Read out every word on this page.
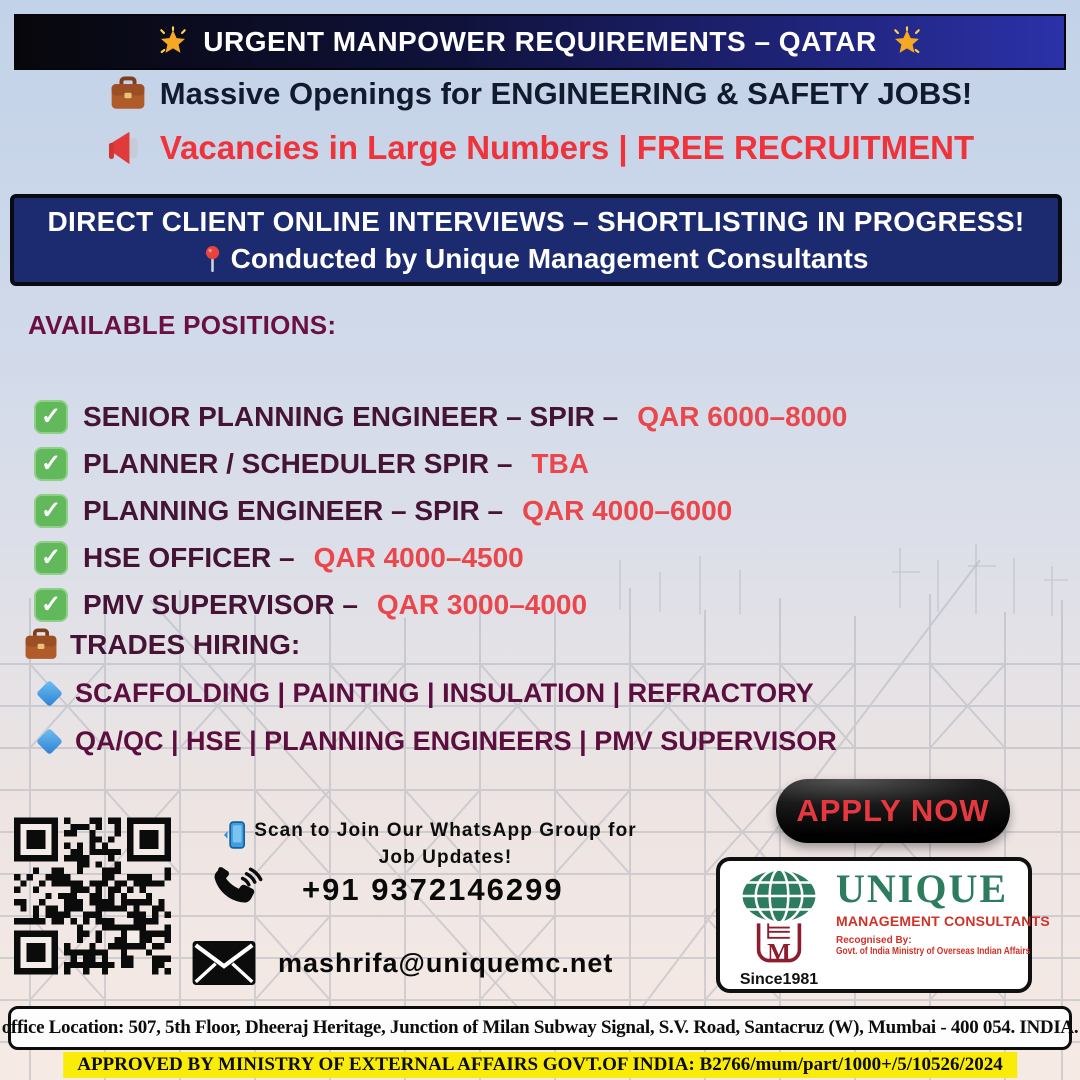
URGENT MANPOWER REQUIREMENTS – QATAR
Massive Openings for ENGINEERING & SAFETY JOBS!
Vacancies in Large Numbers | FREE RECRUITMENT
DIRECT CLIENT ONLINE INTERVIEWS – SHORTLISTING IN PROGRESS!
Conducted by Unique Management Consultants
AVAILABLE POSITIONS:
✓
SENIOR PLANNING ENGINEER – SPIR – QAR 6000–8000
✓
PLANNER / SCHEDULER SPIR – TBA
✓
PLANNING ENGINEER – SPIR – QAR 4000–6000
✓
HSE OFFICER – QAR 4000–4500
✓
PMV SUPERVISOR – QAR 3000–4000
TRADES HIRING:
SCAFFOLDING | PAINTING | INSULATION | REFRACTORY
QA/QC | HSE | PLANNING ENGINEERS | PMV SUPERVISOR
APPLY NOW
Scan to Join Our WhatsApp Group for
Job Updates!
+91 9372146299
mashrifa@uniquemc.net	M
Since1981
UNIQUE
MANAGEMENT CONSULTANTS
Recognised By:
Govt. of India Ministry of Overseas Indian Affairs
office Location: 507, 5th Floor, Dheeraj Heritage, Junction of Milan Subway Signal, S.V. Road, Santacruz (W), Mumbai - 400 054. INDIA.
APPROVED BY MINISTRY OF EXTERNAL AFFAIRS GOVT.OF INDIA: B2766/mum/part/1000+/5/10526/2024
